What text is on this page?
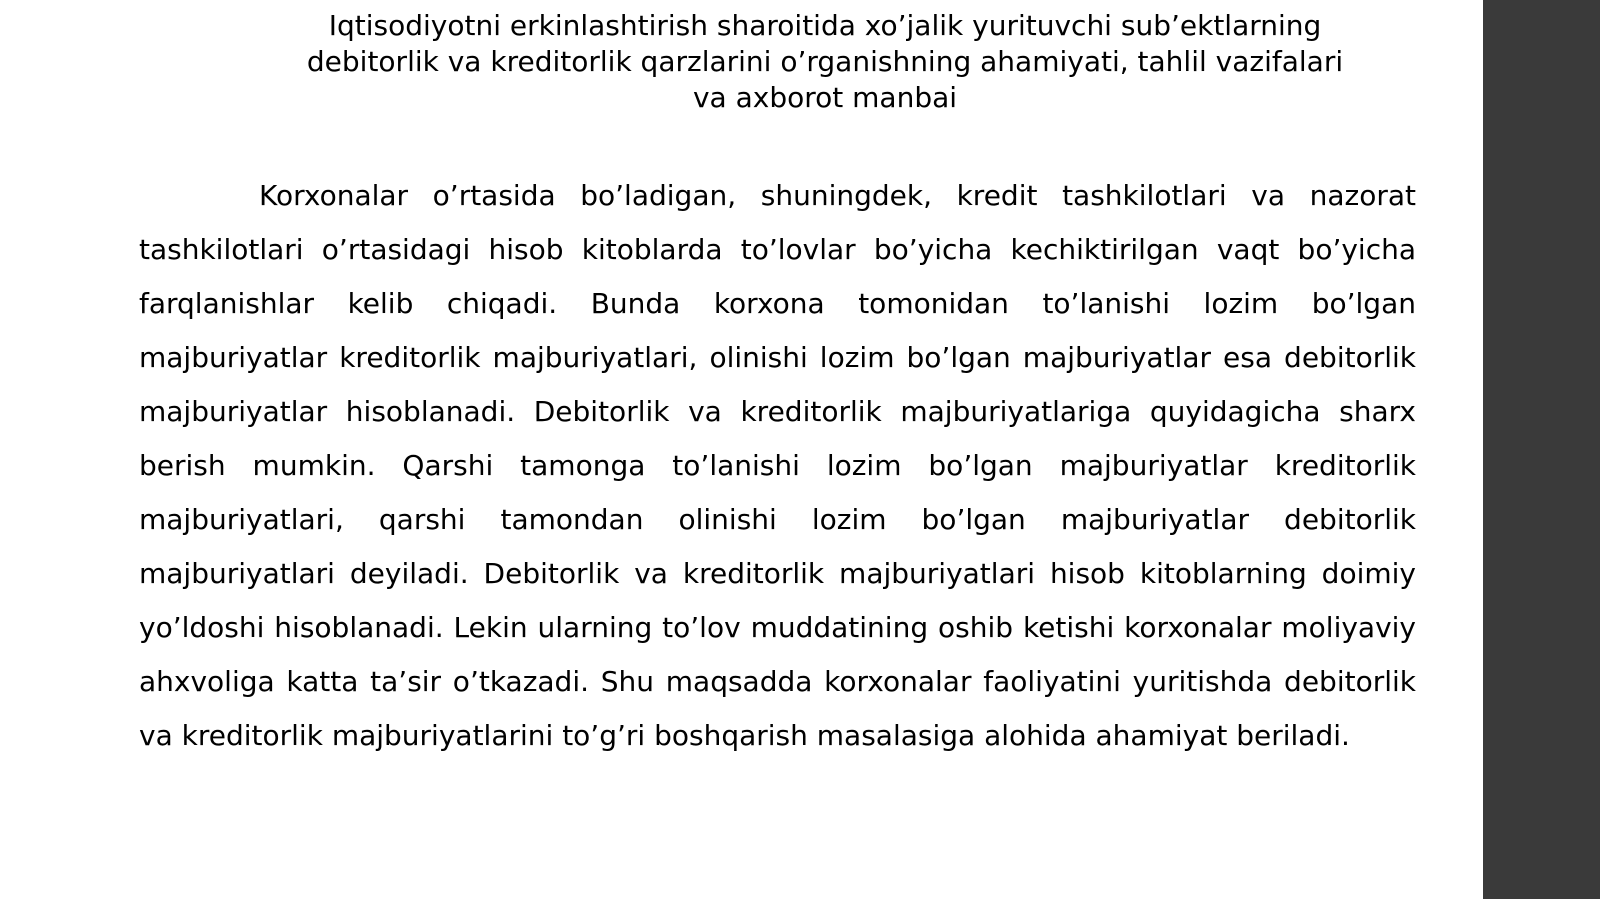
Iqtisodiyotni erkinlashtirish sharoitida xo’jalik yurituvchi sub’ektlarning
debitorlik va kreditorlik qarzlarini o’rganishning ahamiyati, tahlil vazifalari
va axborot manbai

Korxonalar o’rtasida bo’ladigan, shuningdek, kredit tashkilotlari va nazorat tashkilotlari o’rtasidagi hisob kitoblarda to’lovlar bo’yicha kechiktirilgan vaqt bo’yicha farqlanishlar kelib chiqadi. Bunda korxona tomonidan to’lanishi lozim bo’lgan majburiyatlar kreditorlik majburiyatlari, olinishi lozim bo’lgan majburiyatlar esa debitorlik majburiyatlar hisoblanadi. Debitorlik va kreditorlik majburiyatlariga quyidagicha sharx berish mumkin. Qarshi tamonga to’lanishi lozim bo’lgan majburiyatlar kreditorlik majburiyatlari, qarshi tamondan olinishi lozim bo’lgan majburiyatlar debitorlik majburiyatlari deyiladi. Debitorlik va kreditorlik majburiyatlari hisob kitoblarning doimiy yo’ldoshi hisoblanadi. Lekin ularning to’lov muddatining oshib ketishi korxonalar moliyaviy ahxvoliga katta ta’sir o’tkazadi. Shu maqsadda korxonalar faoliyatini yuritishda debitorlik va kreditorlik majburiyatlarini to’g’ri boshqarish masalasiga alohida ahamiyat beriladi.
